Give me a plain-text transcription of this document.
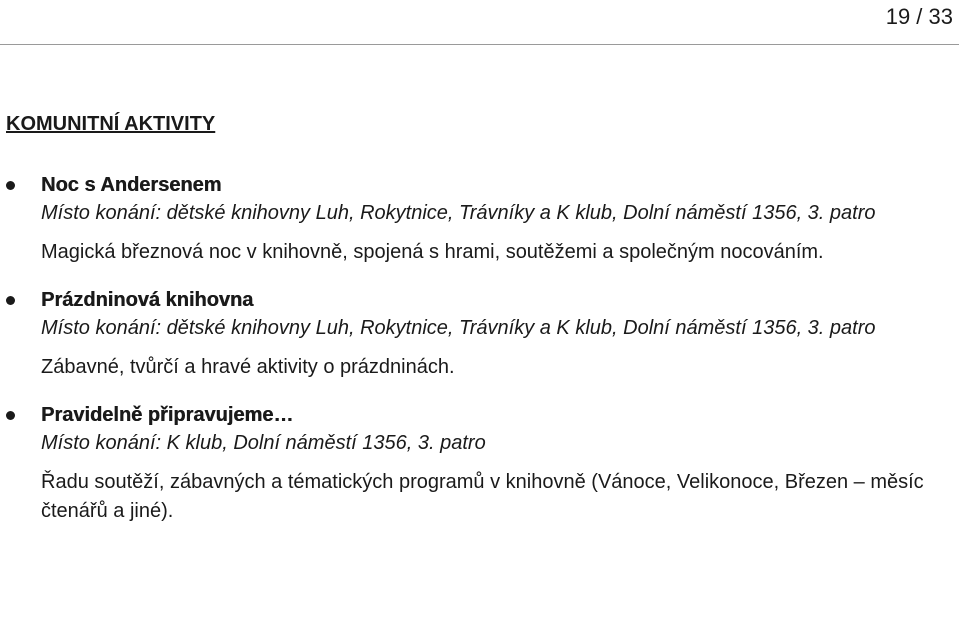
19 / 33
KOMUNITNÍ AKTIVITY
Noc s Andersenem
Místo konání: dětské knihovny Luh, Rokytnice, Trávníky a K klub, Dolní náměstí 1356, 3. patro
Magická březnová noc v knihovně, spojená s hrami, soutěžemi a společným nocováním.
Prázdninová knihovna
Místo konání: dětské knihovny Luh, Rokytnice, Trávníky a K klub, Dolní náměstí 1356, 3. patro
Zábavné, tvůrčí a hravé aktivity o prázdninách.
Pravidelně připravujeme…
Místo konání: K klub, Dolní náměstí 1356, 3. patro
Řadu soutěží, zábavných a tématických programů v knihovně (Vánoce, Velikonoce, Březen – měsíc čtenářů a jiné).
